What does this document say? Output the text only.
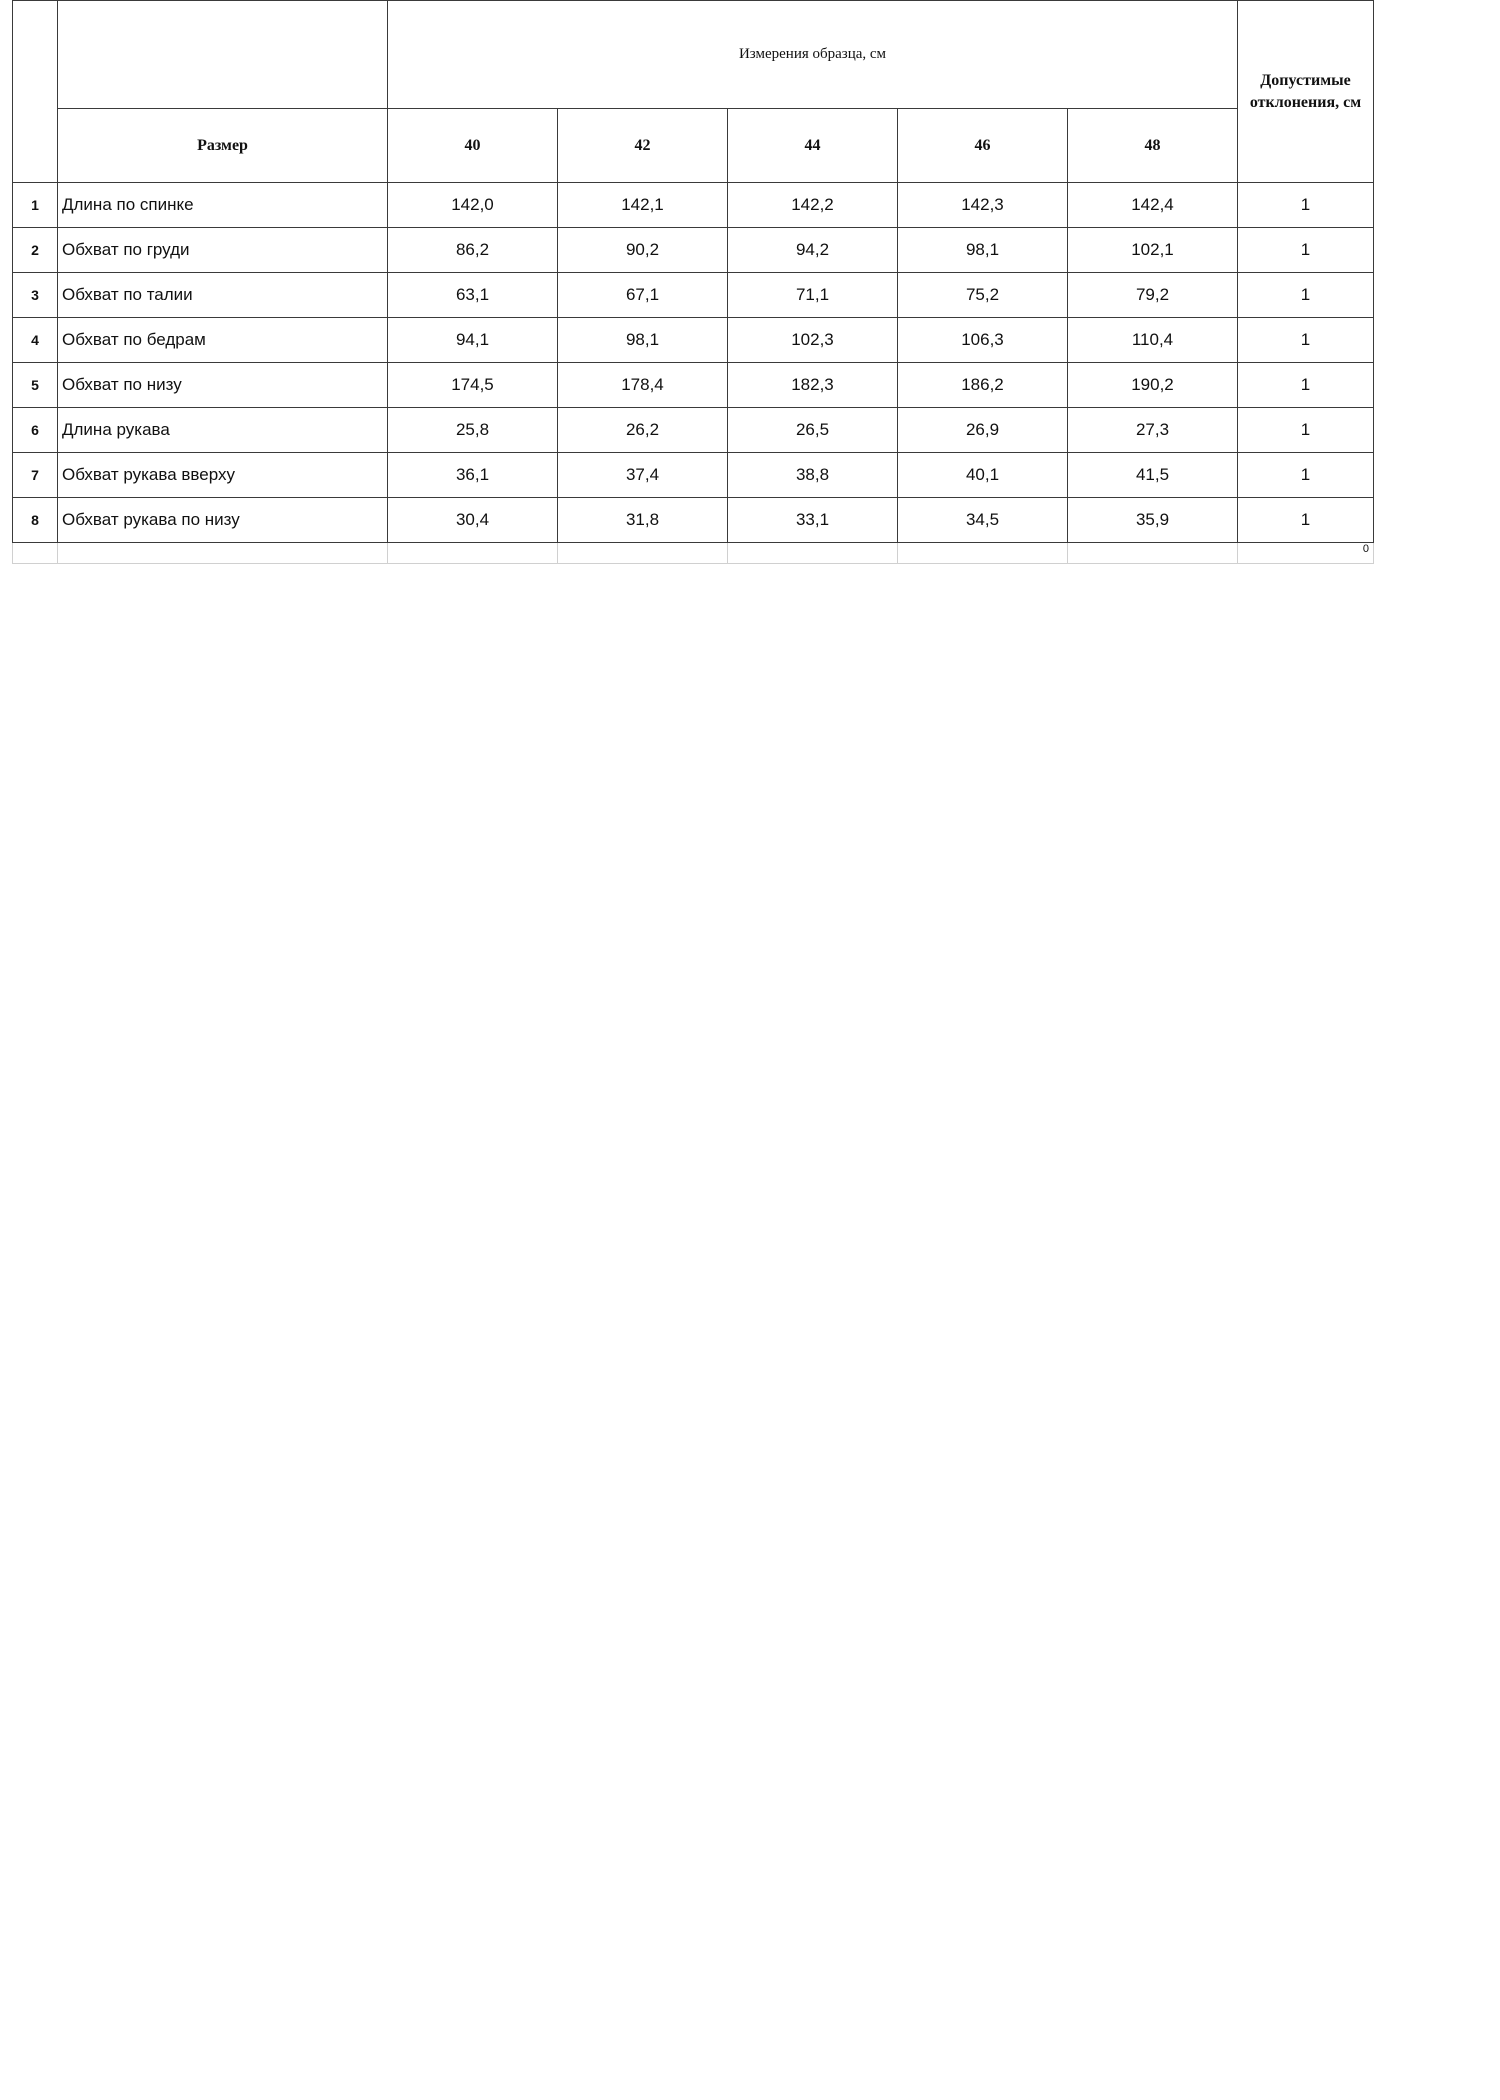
		Измерения образца, см					Допустимые отклонения, см
	Размер	40	42	44	46	48	
1	Длина по спинке	142,0	142,1	142,2	142,3	142,4	1
2	Обхват по груди	86,2	90,2	94,2	98,1	102,1	1
3	Обхват по талии	63,1	67,1	71,1	75,2	79,2	1
4	Обхват по бедрам	94,1	98,1	102,3	106,3	110,4	1
5	Обхват по низу	174,5	178,4	182,3	186,2	190,2	1
6	Длина рукава	25,8	26,2	26,5	26,9	27,3	1
7	Обхват рукава вверху	36,1	37,4	38,8	40,1	41,5	1
8	Обхват рукава по низу	30,4	31,8	33,1	34,5	35,9	1
							0
